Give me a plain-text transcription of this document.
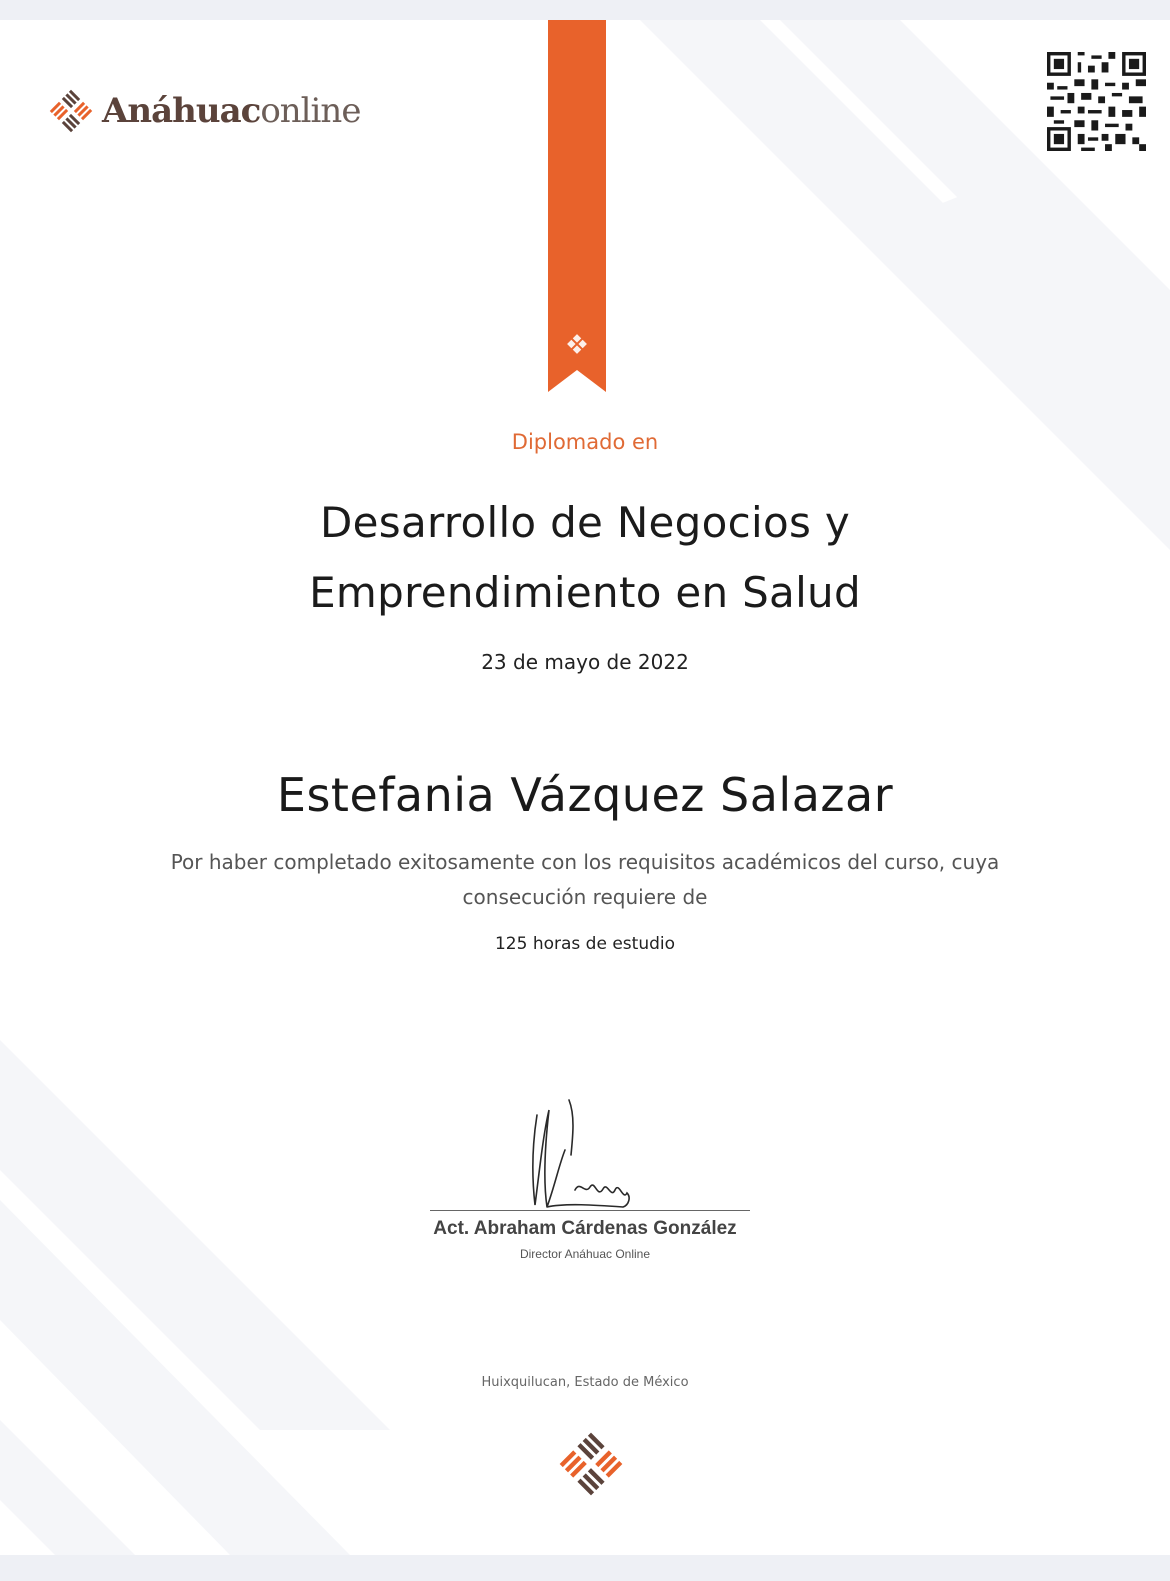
Anáhuaconline
Diplomado en
Desarrollo de Negocios y
Emprendimiento en Salud
23 de mayo de 2022
Estefania Vázquez Salazar
Por haber completado exitosamente con los requisitos académicos del curso, cuya consecución requiere de
125 horas de estudio
Act. Abraham Cárdenas González
Director Anáhuac Online
Huixquilucan, Estado de México
